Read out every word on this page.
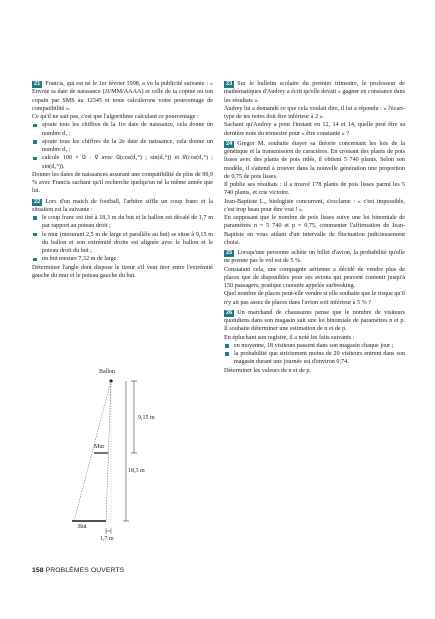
21 Francis, qui est né le 1er février 1998, a vu la publicité suivante : « Envoie ta date de naissance (JJ/MM/AAAA) et celle de ta copine ou ton copain par SMS au 12345 et nous calculerons votre pourcentage de compatibilité ».

Ce qu'il ne sait pas, c'est que l'algorithme calculant ce pourcentage :

ajoute tous les chiffres de la 1re date de naissance, cela donne un nombre d₁ ;
ajoute tous les chiffres de la 2e date de naissance, cela donne un nombre d₂ ;
calcule 100 × u⃗ · v⃗ avec u⃗(cos(d₁°) ; sin(d₁°)) et v⃗(cos(d₂°) ; sin(d₂°)).

Donner les dates de naissances assurant une compatibilité de plus de 99,9 % avec Francis sachant qu'il recherche quelqu'un né la même année que lui.

22 Lors d'un match de football, l'arbitre siffle un coup franc et la situation est la suivante :

le coup franc est tiré à 18,3 m du but et le ballon est décalé de 1,7 m par rapport au poteau droit ;
le mur (mesurant 2,5 m de large et parallèle au but) se situe à 9,15 m du ballon et son extrémité droite est alignée avec le ballon et le poteau droit du but ;
un but mesure 7,32 m de large.

Déterminer l'angle dont dispose le tireur s'il veut tirer entre l'extrémité gauche du mur et le poteau gauche du but.

Ballon
Mur
But
9,15 m
18,3 m
1,7 m

23 Sur le bulletin scolaire du premier trimestre, le professeur de mathématiques d'Audrey a écrit qu'elle devait « gagner en constance dans les résultats ».

Audrey lui a demandé ce que cela voulait dire, il lui a répondu : « l'écart-type de tes notes doit être inférieur à 2 ».

Sachant qu'Audrey a pour l'instant eu 12, 14 et 14, quelle peut être sa dernière note du trimestre pour « être constante » ?

24 Gregor M. souhaite étayer sa théorie concernant les lois de la génétique et la transmission de caractères. En croisant des plants de pois lisses avec des plants de pois ridés, il obtient 5 740 plants. Selon son modèle, il s'attend à trouver dans la nouvelle génération une proportion de 0,75 de pois lisses.

Il publie ses résultats : il a trouvé 178 plants de pois lisses parmi les 5 740 plants, et crie victoire.

Jean-Baptiste L., biologiste concurrent, s'exclame : « c'est impossible, c'est trop beau pour être vrai ! ».

En supposant que le nombre de pois lisses suive une loi binomiale de paramètres n = 5 740 et p = 0,75, commenter l'affirmation de Jean-Baptiste en vous aidant d'un intervalle de fluctuation judicieusement choisi.

25 Lorsqu'une personne achète un billet d'avion, la probabilité qu'elle ne prenne pas le vol est de 5 %.

Constatant cela, une compagnie aérienne a décidé de vendre plus de places que de disponibles pour ses avions qui peuvent contenir jusqu'à 150 passagers, pratique courante appelée surbooking.

Quel nombre de places peut-elle vendre si elle souhaite que le risque qu'il n'y ait pas assez de places dans l'avion soit inférieur à 5 % ?

26 Un marchand de chaussures pense que le nombre de visiteurs quotidiens dans son magasin suit une loi binomiale de paramètres n et p. Il souhaite déterminer une estimation de n et de p.

En épluchant son registre, il a noté les faits suivants :

en moyenne, 18 visiteurs passent dans son magasin chaque jour ;
la probabilité que strictement moins de 20 visiteurs entrent dans son magasin durant une journée est d'environ 0,74.

Déterminer les valeurs de n et de p.

158 PROBLÈMES OUVERTS
